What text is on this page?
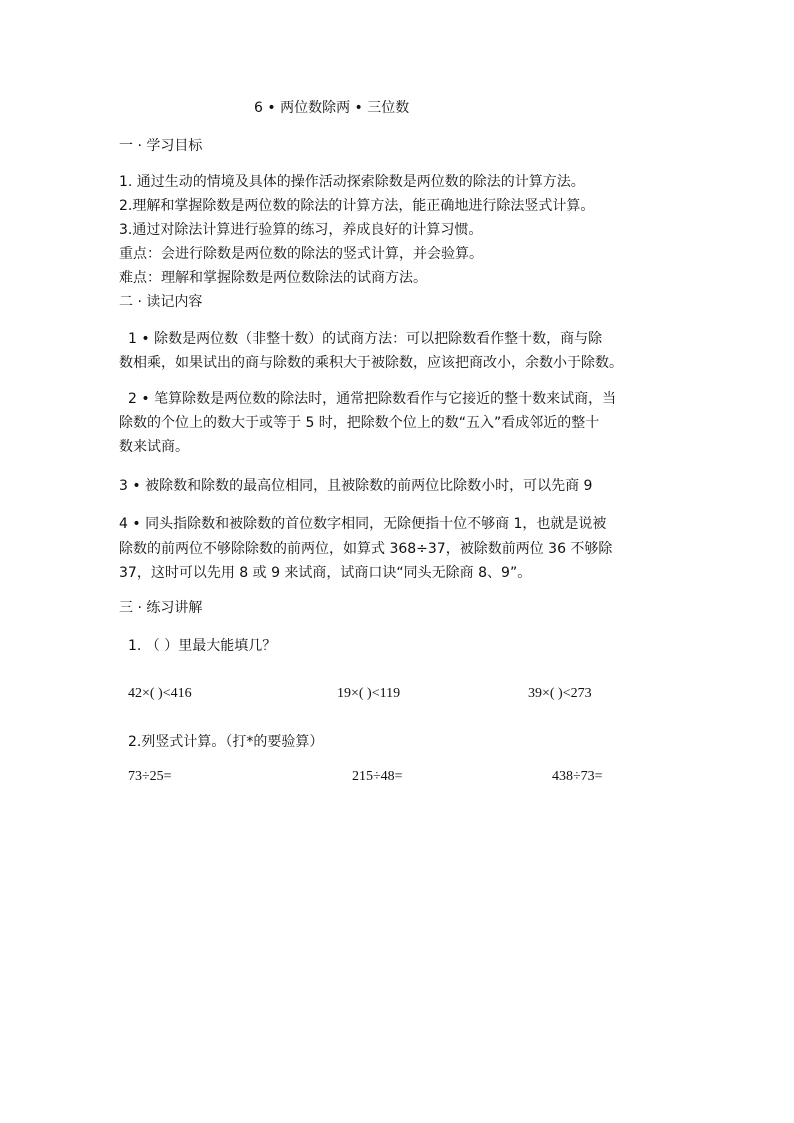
6 • 两位数除两 • 三位数
一 · 学习目标
1. 通过生动的情境及具体的操作活动探索除数是两位数的除法的计算方法。
2.理解和掌握除数是两位数的除法的计算方法，能正确地进行除法竖式计算。
3.通过对除法计算进行验算的练习，养成良好的计算习惯。
重点：会进行除数是两位数的除法的竖式计算，并会验算。
难点：理解和掌握除数是两位数除法的试商方法。
二 · 读记内容
1 • 除数是两位数（非整十数）的试商方法：可以把除数看作整十数，商与除
数相乘，如果试出的商与除数的乘积大于被除数，应该把商改小，余数小于除数。
2 • 笔算除数是两位数的除法时，通常把除数看作与它接近的整十数来试商，当
除数的个位上的数大于或等于 5 时，把除数个位上的数“五入”看成邻近的整十
数来试商。
3 • 被除数和除数的最高位相同，且被除数的前两位比除数小时，可以先商 9
4 • 同头指除数和被除数的首位数字相同，无除便指十位不够商 1，也就是说被
除数的前两位不够除除数的前两位，如算式 368÷37，被除数前两位 36 不够除
37，这时可以先用 8 或 9 来试商，试商口诀“同头无除商 8、9”。
三 · 练习讲解
1. （ ）里最大能填几？
42×( )<416	19×( )<119	39×( )<273
2.列竖式计算。（打*的要验算）
73÷25=	215÷48=	438÷73=
